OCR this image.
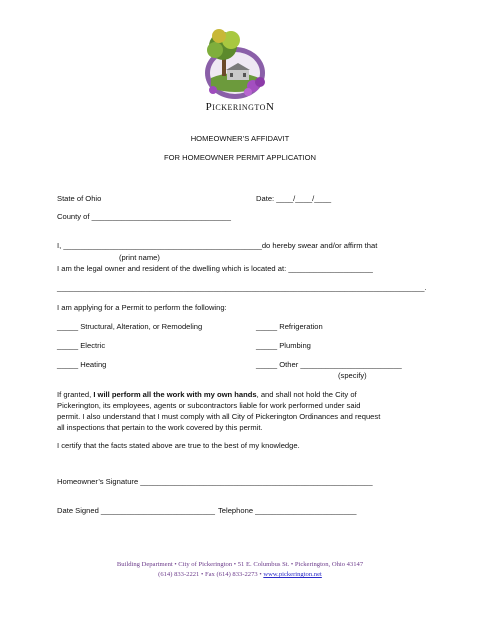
PICKERINGTON
HOMEOWNER’S AFFIDAVIT
FOR HOMEOWNER PERMIT APPLICATION
State of Ohio	Date: ____/____/____
County of _________________________________
I, _______________________________________________do hereby swear and/or affirm that
(print name)
I am the legal owner and resident of the dwelling which is located at: ____________________
_______________________________________________________________________________________.
I am applying for a Permit to perform the following:
_____ Structural, Alteration, or Remodeling	_____ Refrigeration
_____ Electric	_____ Plumbing
_____ Heating	_____ Other ________________________
(specify)
If granted, I will perform all the work with my own hands, and shall not hold the City of
Pickerington, its employees, agents or subcontractors liable for work performed under said
permit. I also understand that I must comply with all City of Pickerington Ordinances and request
all inspections that pertain to the work covered by this permit.
I certify that the facts stated above are true to the best of my knowledge.
Homeowner’s Signature _______________________________________________________
Date Signed ___________________________ Telephone ________________________
Building Department • City of Pickerington • 51 E. Columbus St. • Pickerington, Ohio 43147
(614) 833-2221 • Fax (614) 833-2273 • www.pickerington.net
